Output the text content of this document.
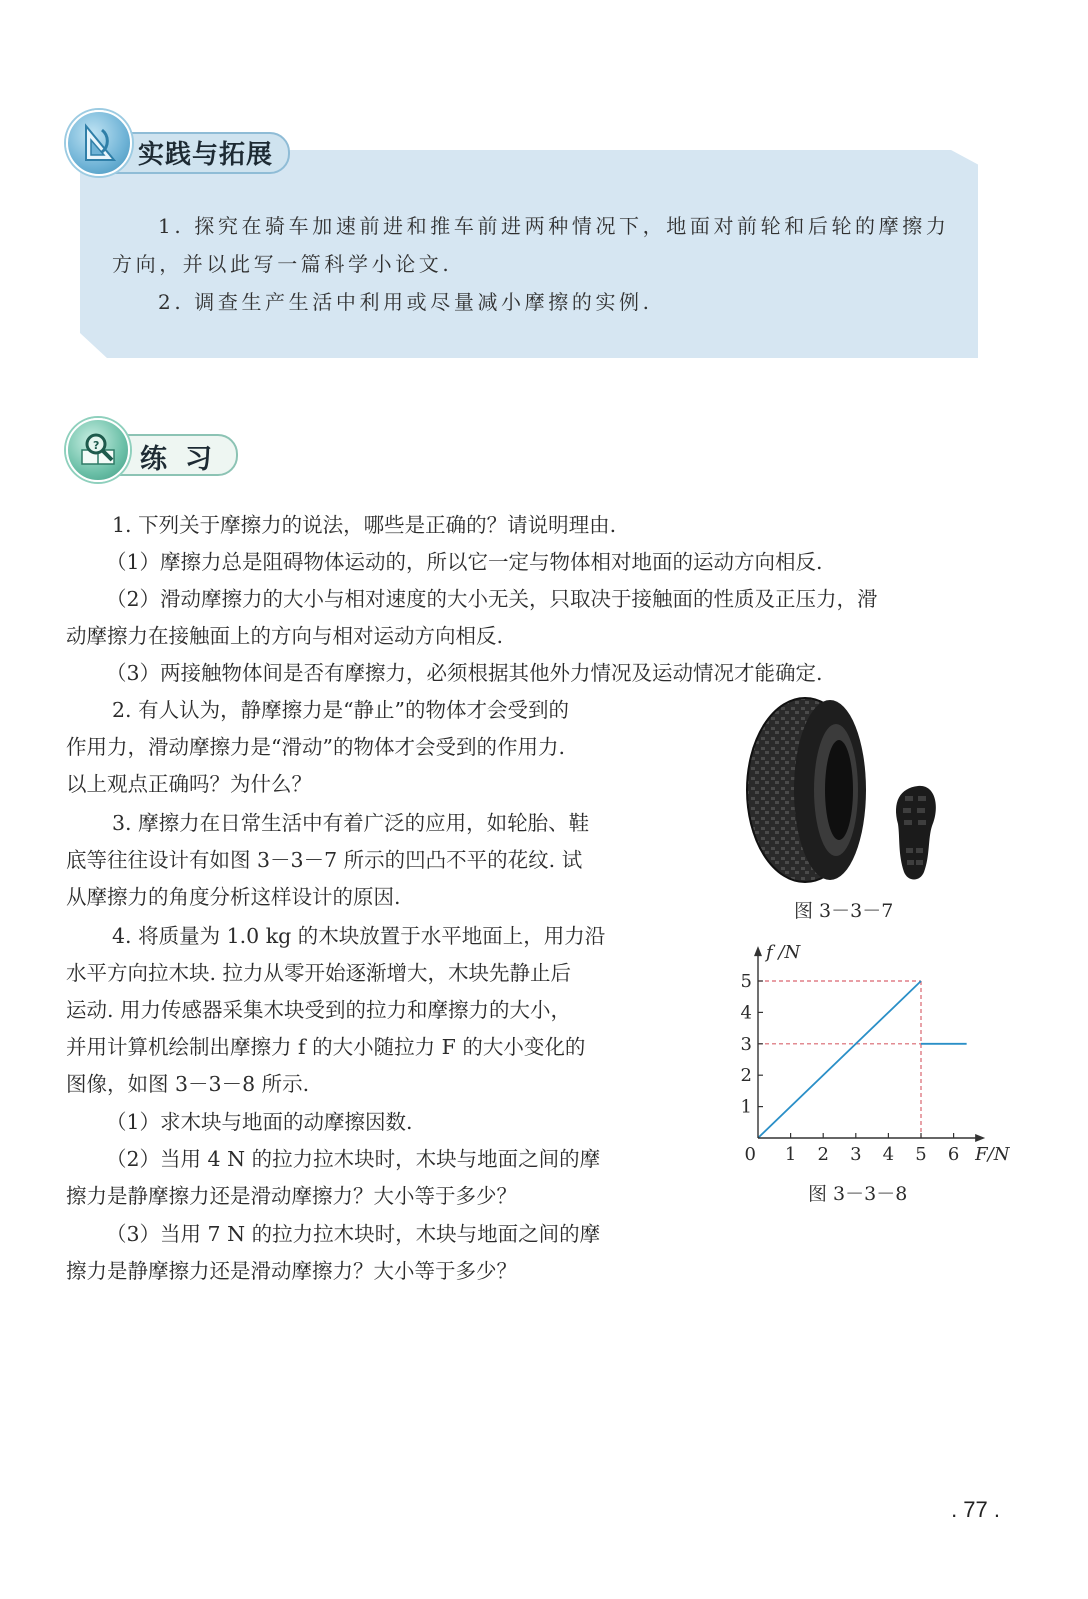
实践与拓展
1. 探究在骑车加速前进和推车前进两种情况下，地面对前轮和后轮的摩擦力
方向，并以此写一篇科学小论文.
2. 调查生产生活中利用或尽量减小摩擦的实例.
? 练习
1. 下列关于摩擦力的说法，哪些是正确的？请说明理由.
（1）摩擦力总是阻碍物体运动的，所以它一定与物体相对地面的运动方向相反.
（2）滑动摩擦力的大小与相对速度的大小无关，只取决于接触面的性质及正压力，滑
动摩擦力在接触面上的方向与相对运动方向相反.
（3）两接触物体间是否有摩擦力，必须根据其他外力情况及运动情况才能确定.
2. 有人认为，静摩擦力是“静止”的物体才会受到的
作用力，滑动摩擦力是“滑动”的物体才会受到的作用力.
以上观点正确吗？为什么？
3. 摩擦力在日常生活中有着广泛的应用，如轮胎、鞋
底等往往设计有如图 3－3－7 所示的凹凸不平的花纹. 试
从摩擦力的角度分析这样设计的原因.
4. 将质量为 1.0 kg 的木块放置于水平地面上，用力沿
水平方向拉木块. 拉力从零开始逐渐增大，木块先静止后
运动. 用力传感器采集木块受到的拉力和摩擦力的大小，
并用计算机绘制出摩擦力 f 的大小随拉力 F 的大小变化的
图像，如图 3－3－8 所示.
（1）求木块与地面的动摩擦因数.
（2）当用 4 N 的拉力拉木块时，木块与地面之间的摩
擦力是静摩擦力还是滑动摩擦力？大小等于多少？
（3）当用 7 N 的拉力拉木块时，木块与地面之间的摩
擦力是静摩擦力还是滑动摩擦力？大小等于多少？
图 3－3－7
0 1 2 3 4 5 6
1
2
3
4
5
F/N
f /N
图 3－3－8
. 77 .
